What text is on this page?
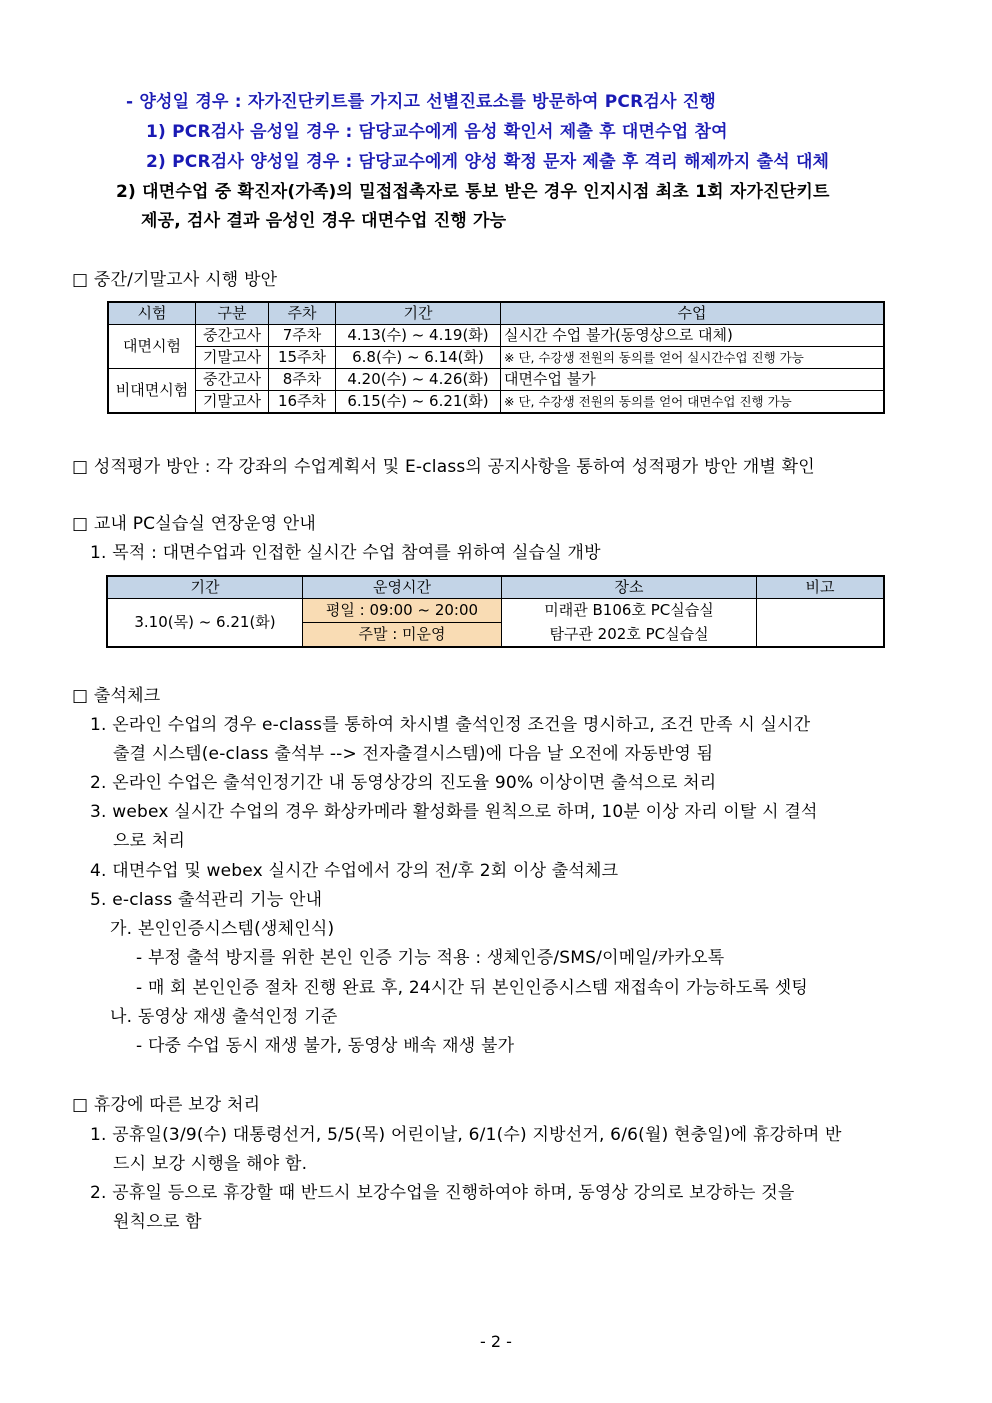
- 양성일 경우 : 자가진단키트를 가지고 선별진료소를 방문하여 PCR검사 진행
1) PCR검사 음성일 경우 : 담당교수에게 음성 확인서 제출 후 대면수업 참여
2) PCR검사 양성일 경우 : 담당교수에게 양성 확정 문자 제출 후 격리 해제까지 출석 대체
2) 대면수업 중 확진자(가족)의 밀접접촉자로 통보 받은 경우 인지시점 최초 1회 자가진단키트
제공, 검사 결과 음성인 경우 대면수업 진행 가능
□ 중간/기말고사 시행 방안
시험	구분	주차	기간	수업
대면시험	중간고사	7주차	4.13(수) ~ 4.19(화)	실시간 수업 불가(동영상으로 대체)
	기말고사	15주차	6.8(수) ~ 6.14(화)	※ 단, 수강생 전원의 동의를 얻어 실시간수업 진행 가능
비대면시험	중간고사	8주차	4.20(수) ~ 4.26(화)	대면수업 불가
	기말고사	16주차	6.15(수) ~ 6.21(화)	※ 단, 수강생 전원의 동의를 얻어 대면수업 진행 가능
□ 성적평가 방안 : 각 강좌의 수업계획서 및 E-class의 공지사항을 통하여 성적평가 방안 개별 확인
□ 교내 PC실습실 연장운영 안내
1. 목적 : 대면수업과 인접한 실시간 수업 참여를 위하여 실습실 개방
기간	운영시간	장소	비고
3.10(목) ~ 6.21(화)	평일 : 09:00 ~ 20:00	미래관 B106호 PC실습실	
	주말 : 미운영	탐구관 202호 PC실습실	
□ 출석체크
1. 온라인 수업의 경우 e-class를 통하여 차시별 출석인정 조건을 명시하고, 조건 만족 시 실시간
출결 시스템(e-class 출석부 --> 전자출결시스템)에 다음 날 오전에 자동반영 됨
2. 온라인 수업은 출석인정기간 내 동영상강의 진도율 90% 이상이면 출석으로 처리
3. webex 실시간 수업의 경우 화상카메라 활성화를 원칙으로 하며, 10분 이상 자리 이탈 시 결석
으로 처리
4. 대면수업 및 webex 실시간 수업에서 강의 전/후 2회 이상 출석체크
5. e-class 출석관리 기능 안내
가. 본인인증시스템(생체인식)
- 부정 출석 방지를 위한 본인 인증 기능 적용 : 생체인증/SMS/이메일/카카오톡
- 매 회 본인인증 절차 진행 완료 후, 24시간 뒤 본인인증시스템 재접속이 가능하도록 셋팅
나. 동영상 재생 출석인정 기준
- 다중 수업 동시 재생 불가, 동영상 배속 재생 불가
□ 휴강에 따른 보강 처리
1. 공휴일(3/9(수) 대통령선거, 5/5(목) 어린이날, 6/1(수) 지방선거, 6/6(월) 현충일)에 휴강하며 반
드시 보강 시행을 해야 함.
2. 공휴일 등으로 휴강할 때 반드시 보강수업을 진행하여야 하며, 동영상 강의로 보강하는 것을
원칙으로 함
- 2 -
